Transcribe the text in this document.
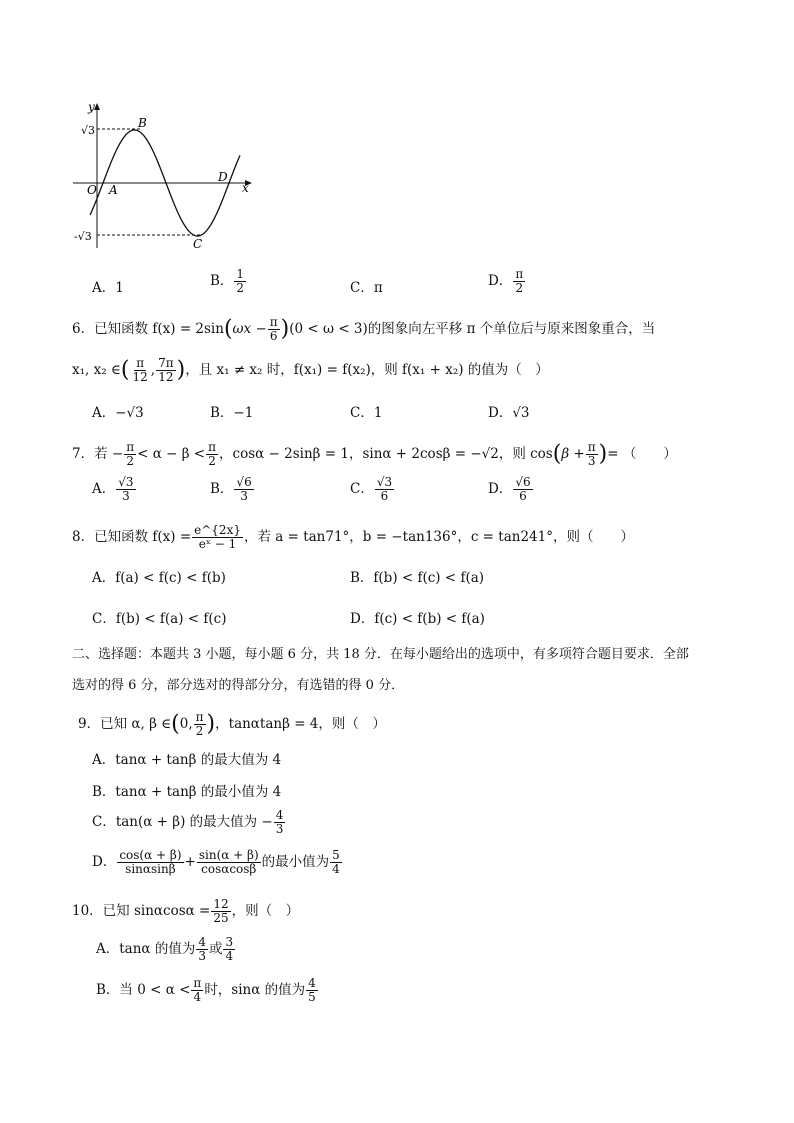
y
x
O A
B
C
D
√3
-√3
A．1	B． $\frac{1}{2}$	C．π	D． $\frac{\pi}{2}$
6．已知函数 $f(x) = 2\sin(\omega x - \frac{\pi}{6} )(0 < \omega < 3)$的图象向左平移 π 个单位后与原来图象重合，当
x₁, x₂ ∈( $\frac{\pi}{12}$ , $\frac{7\pi}{12}$ )，且 x₁ ≠ x₂ 时，f(x₁) = f(x₂)，则 f(x₁ + x₂) 的值为（　）
A．−√3	B．−1	C．1	D．√3
7．若 − $\frac{\pi}{2} < \alpha - \beta < \frac{\pi}{2}$ ，cosα − 2sinβ = 1，sinα + 2cosβ = −√2，则 $\cos(\beta + \frac{\pi}{3}$ )= （　　）
A． $\frac{√3}{3}$	B． $\frac{√6}{3}$	C． $\frac{√3}{6}$	D． $\frac{√6}{6}$
8．已知函数 $f(x) = \frac{e\^{}\{2x\}}{\text{eˣ − 1}}$ ，若 a = tan71°，b = −tan136°，c = tan241°，则（　　）
A．f(a) < f(c) < f(b)	B．f(b) < f(c) < f(a)
C．f(b) < f(a) < f(c)	D．f(c) < f(b) < f(a)
二、选择题：本题共 3 小题，每小题 6 分，共 18 分．在每小题给出的选项中，有多项符合题目要求．全部
选对的得 6 分，部分选对的得部分分，有选错的得 0 分．
9．已知 α, β ∈(0, $\frac{\pi}{2}$ )，tanαtanβ = 4，则（　）
A．tanα + tanβ 的最大值为 4
B．tanα + tanβ 的最小值为 4
C．tan(α + β) 的最大值为 − $\frac{4}{3}$
D． $\frac{\cos(\alpha + \beta)}{\sin\alpha\sin\beta} + \frac{\sin(\alpha + \beta)}{\cos\alpha\cos\beta}$ 的最小值为 $\frac{5}{4}$
10．已知 $\sin\alpha\cos\alpha = \frac{12}{25}$ ，则（　）
A．tanα 的值为 $\frac{4}{3}$ 或 $\frac{3}{4}$
B．当 $0 < \alpha < \frac{\pi}{4}$ 时，sinα 的值为 $\frac{4}{5}$
